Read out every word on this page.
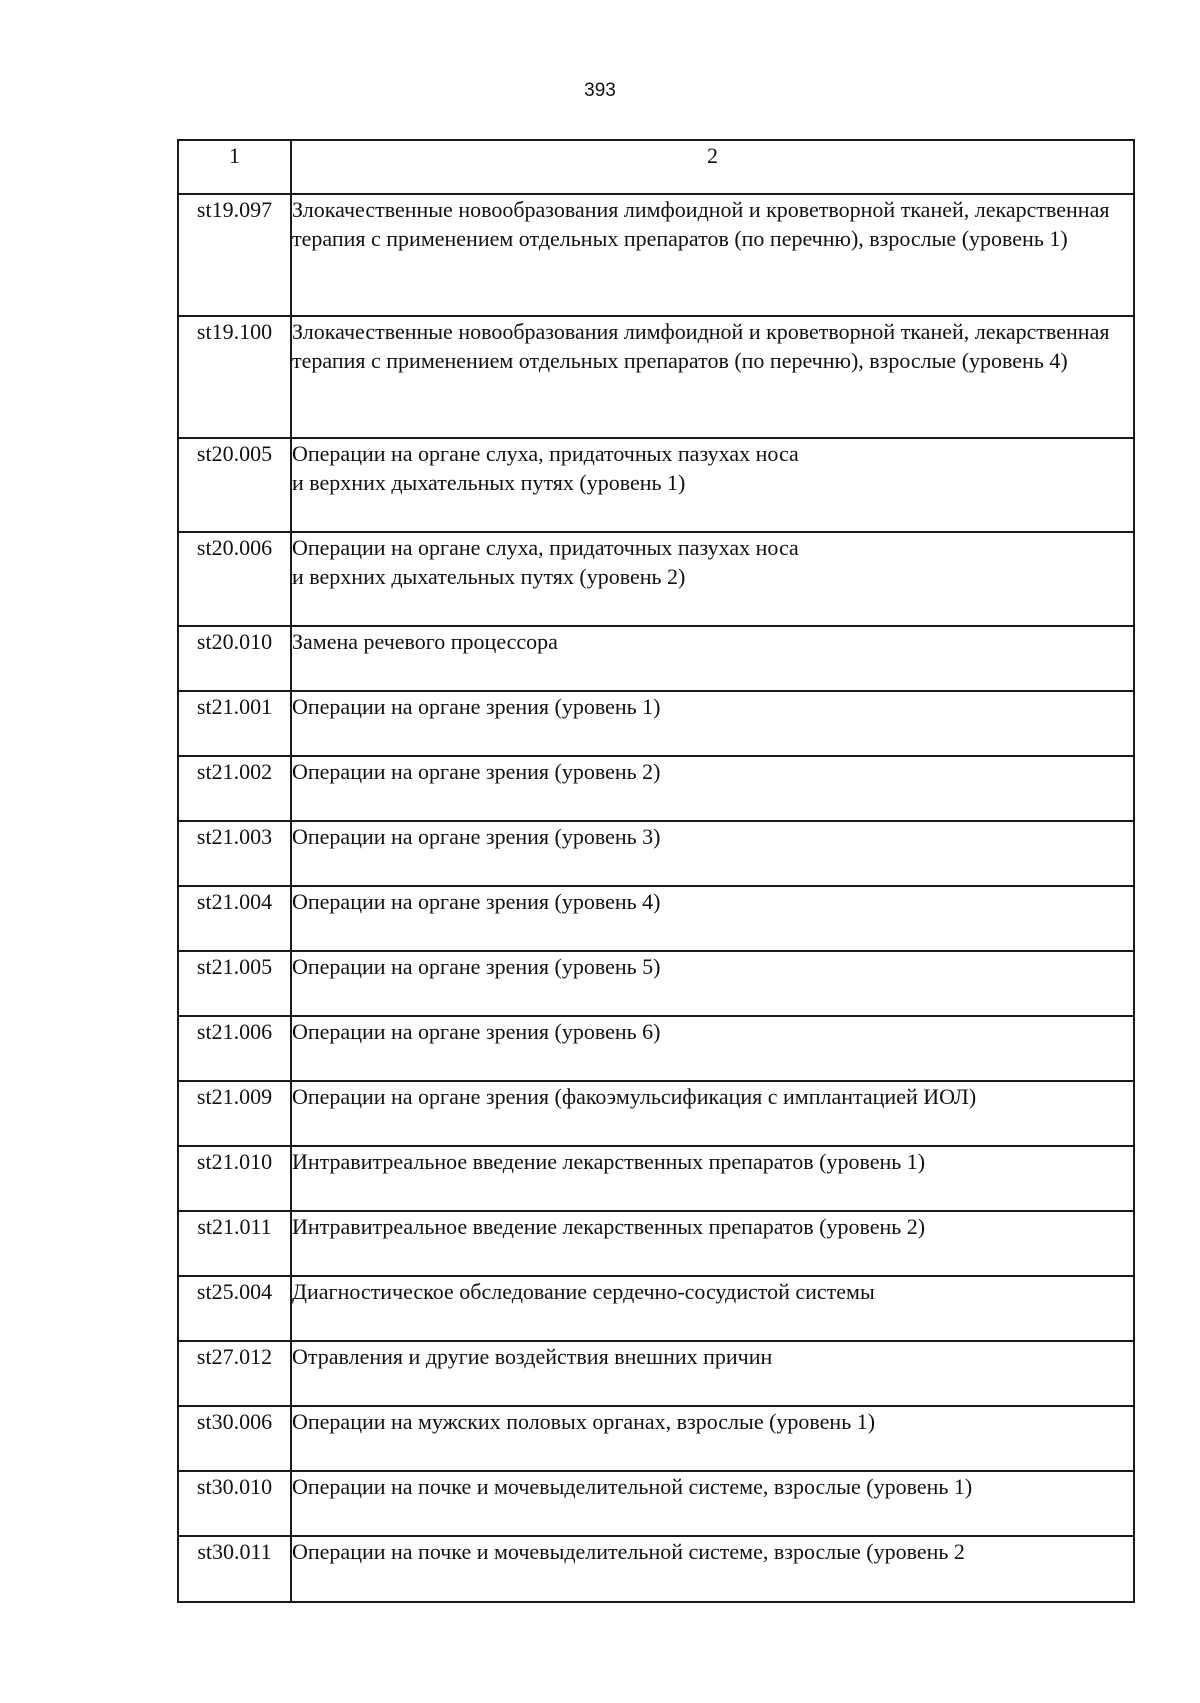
393
1	2
st19.097	Злокачественные новообразования лимфоидной и кроветворной тканей, лекарственная терапия с применением отдельных препаратов (по перечню), взрослые (уровень 1)
st19.100	Злокачественные новообразования лимфоидной и кроветворной тканей, лекарственная терапия с применением отдельных препаратов (по перечню), взрослые (уровень 4)
st20.005	Операции на органе слуха, придаточных пазухах носа
и верхних дыхательных путях (уровень 1)
st20.006	Операции на органе слуха, придаточных пазухах носа
и верхних дыхательных путях (уровень 2)
st20.010	Замена речевого процессора
st21.001	Операции на органе зрения (уровень 1)
st21.002	Операции на органе зрения (уровень 2)
st21.003	Операции на органе зрения (уровень 3)
st21.004	Операции на органе зрения (уровень 4)
st21.005	Операции на органе зрения (уровень 5)
st21.006	Операции на органе зрения (уровень 6)
st21.009	Операции на органе зрения (факоэмульсификация с имплантацией ИОЛ)
st21.010	Интравитреальное введение лекарственных препаратов (уровень 1)
st21.011	Интравитреальное введение лекарственных препаратов (уровень 2)
st25.004	Диагностическое обследование сердечно-сосудистой системы
st27.012	Отравления и другие воздействия внешних причин
st30.006	Операции на мужских половых органах, взрослые (уровень 1)
st30.010	Операции на почке и мочевыделительной системе, взрослые (уровень 1)
st30.011	Операции на почке и мочевыделительной системе, взрослые (уровень 2
